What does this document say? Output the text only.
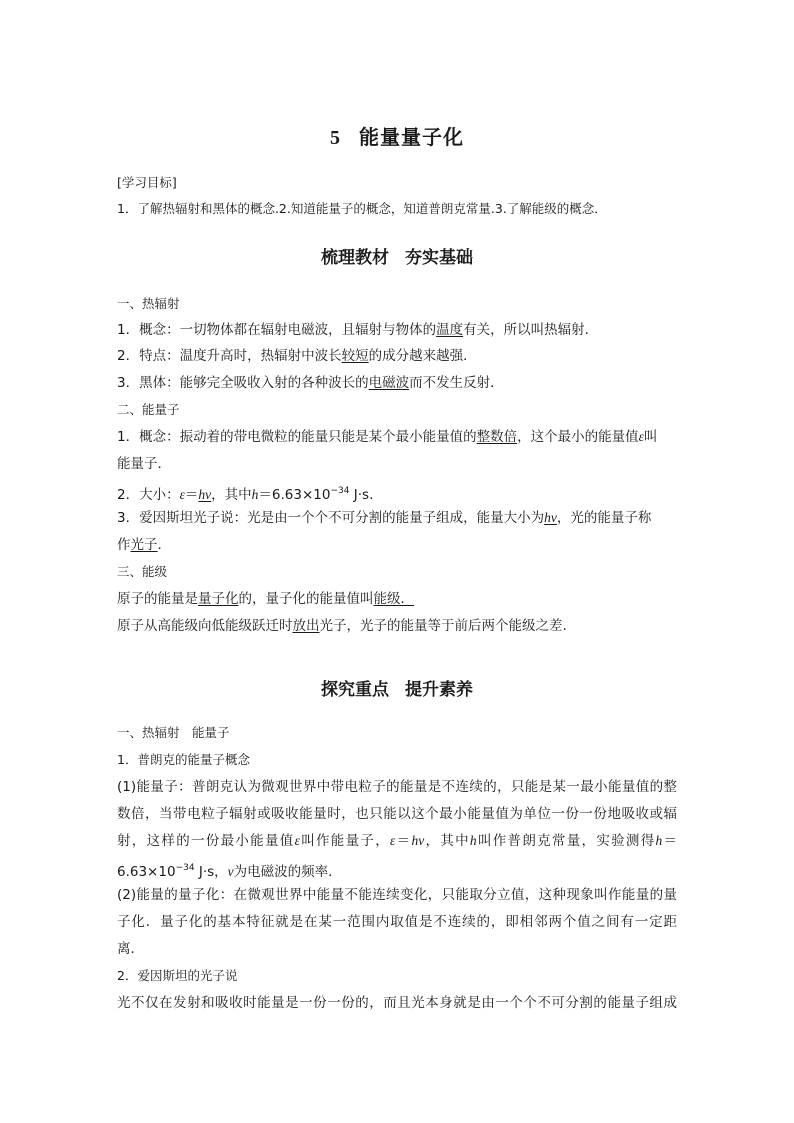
5 能量量子化
[学习目标]
1．了解热辐射和黑体的概念.2.知道能量子的概念，知道普朗克常量.3.了解能级的概念．
梳理教材 夯实基础
一、热辐射
1．概念：一切物体都在辐射电磁波，且辐射与物体的温度有关，所以叫热辐射．
2．特点：温度升高时，热辐射中波长较短的成分越来越强．
3．黑体：能够完全吸收入射的各种波长的电磁波而不发生反射．
二、能量子
1．概念：振动着的带电微粒的能量只能是某个最小能量值的整数倍，这个最小的能量值ε叫
能量子．
2．大小：ε＝hν，其中$h=6.63\times 10^{-34}$ J·s.
3．爱因斯坦光子说：光是由一个个不可分割的能量子组成，能量大小为hν，光的能量子称
作光子．
三、能级
原子的能量是量子化的，量子化的能量值叫能级．
原子从高能级向低能级跃迁时放出光子，光子的能量等于前后两个能级之差.
探究重点 提升素养
一、热辐射　能量子
1．普朗克的能量子概念
(1)能量子：普朗克认为微观世界中带电粒子的能量是不连续的，只能是某一最小能量值的整
数倍，当带电粒子辐射或吸收能量时，也只能以这个最小能量值为单位一份一份地吸收或辐
射，这样的一份最小能量值ε叫作能量子，ε＝hν，其中h叫作普朗克常量，实验测得h＝
$6.63\times 10^{-34}$ J·s，ν为电磁波的频率．
(2)能量的量子化：在微观世界中能量不能连续变化，只能取分立值，这种现象叫作能量的量
子化．量子化的基本特征就是在某一范围内取值是不连续的，即相邻两个值之间有一定距
离．
2．爱因斯坦的光子说
光不仅在发射和吸收时能量是一份一份的，而且光本身就是由一个个不可分割的能量子组成
